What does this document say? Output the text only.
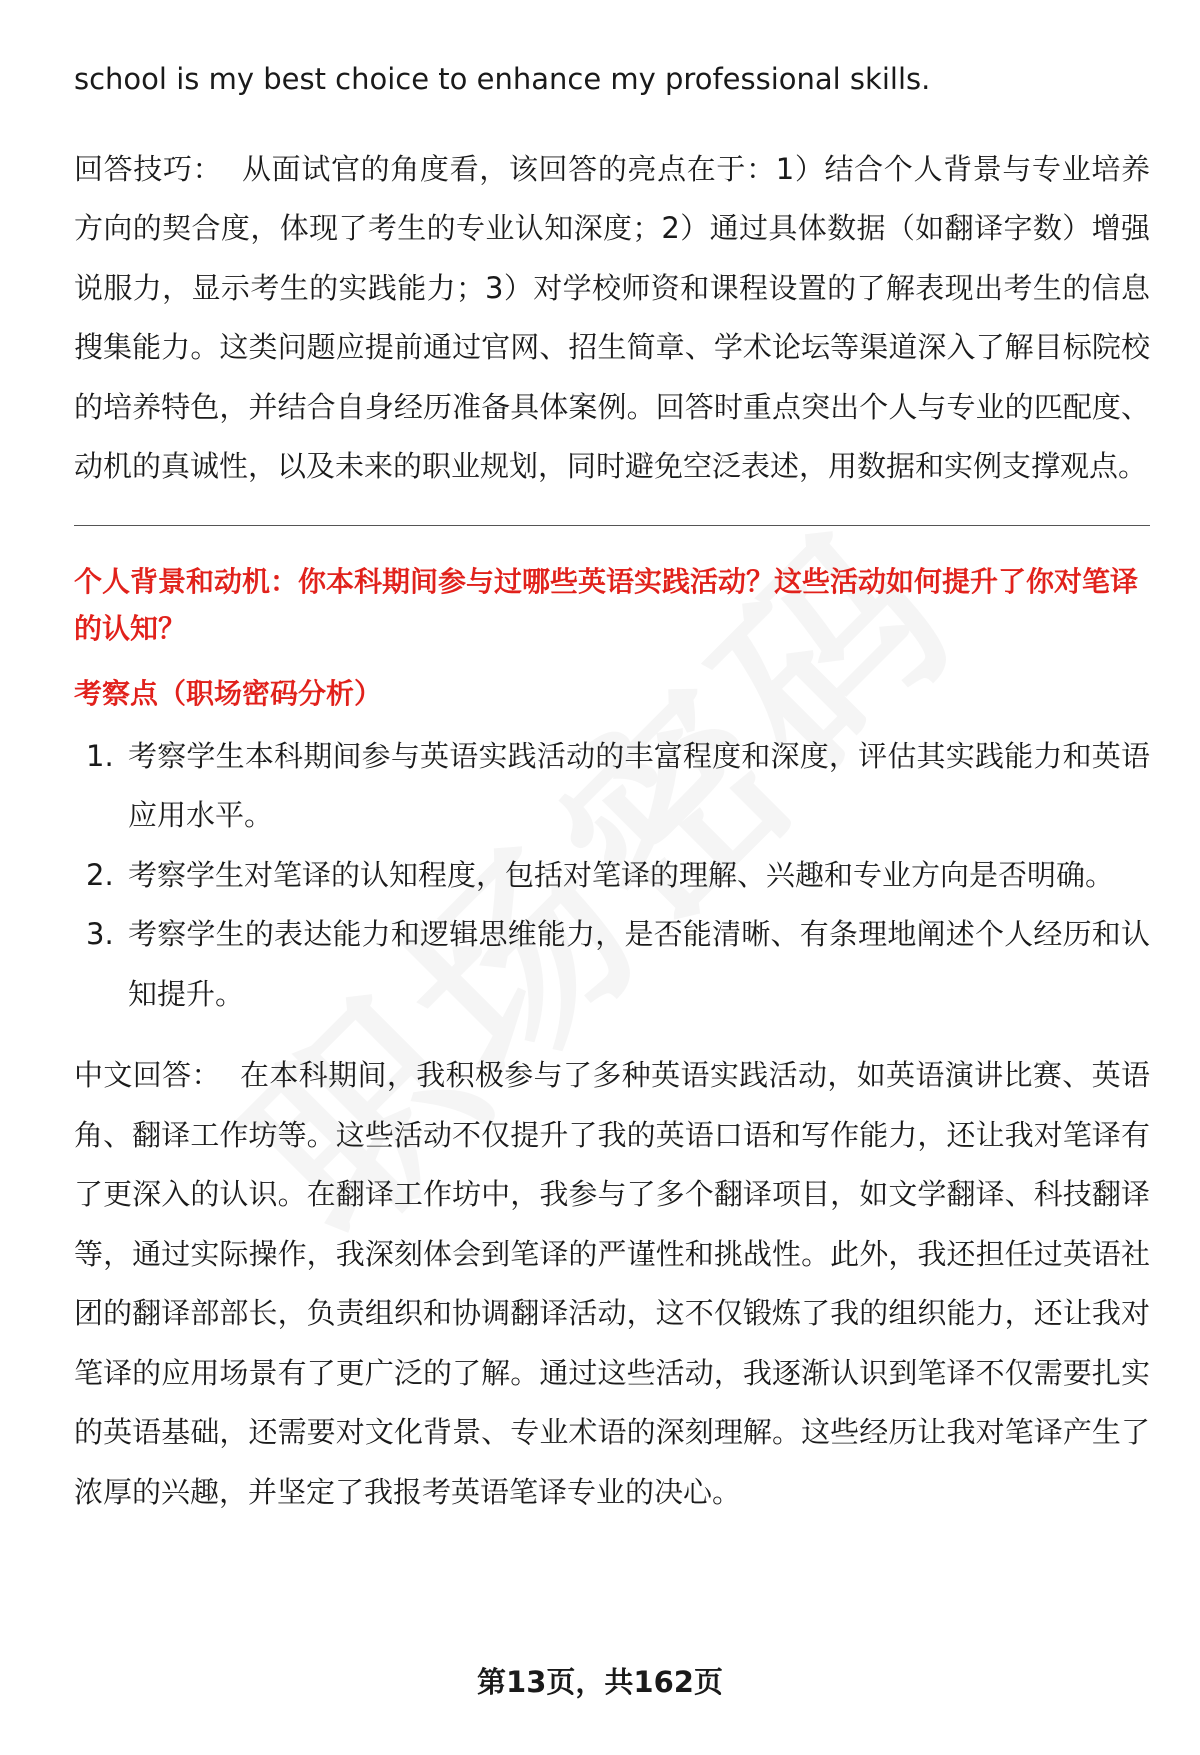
school is my best choice to enhance my professional skills.

回答技巧： 从面试官的角度看，该回答的亮点在于：1）结合个人背景与专业培养方向的契合度，体现了考生的专业认知深度；2）通过具体数据（如翻译字数）增强说服力，显示考生的实践能力；3）对学校师资和课程设置的了解表现出考生的信息搜集能力。这类问题应提前通过官网、招生简章、学术论坛等渠道深入了解目标院校的培养特色，并结合自身经历准备具体案例。回答时重点突出个人与专业的匹配度、动机的真诚性，以及未来的职业规划，同时避免空泛表述，用数据和实例支撑观点。

个人背景和动机：你本科期间参与过哪些英语实践活动？这些活动如何提升了你对笔译的认知？
考察点（职场密码分析）
1. 考察学生本科期间参与英语实践活动的丰富程度和深度，评估其实践能力和英语应用水平。
2. 考察学生对笔译的认知程度，包括对笔译的理解、兴趣和专业方向是否明确。
3. 考察学生的表达能力和逻辑思维能力，是否能清晰、有条理地阐述个人经历和认知提升。

中文回答： 在本科期间，我积极参与了多种英语实践活动，如英语演讲比赛、英语角、翻译工作坊等。这些活动不仅提升了我的英语口语和写作能力，还让我对笔译有了更深入的认识。在翻译工作坊中，我参与了多个翻译项目，如文学翻译、科技翻译等，通过实际操作，我深刻体会到笔译的严谨性和挑战性。此外，我还担任过英语社团的翻译部部长，负责组织和协调翻译活动，这不仅锻炼了我的组织能力，还让我对笔译的应用场景有了更广泛的了解。通过这些活动，我逐渐认识到笔译不仅需要扎实的英语基础，还需要对文化背景、专业术语的深刻理解。这些经历让我对笔译产生了浓厚的兴趣，并坚定了我报考英语笔译专业的决心。

第13页，共162页
